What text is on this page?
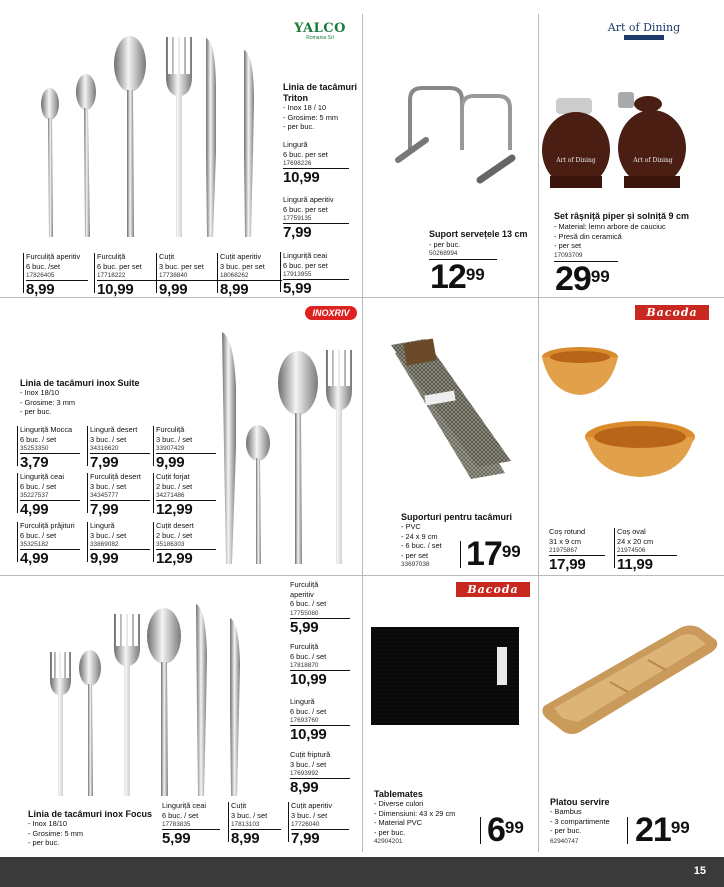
YALCO
Romania Srl
Linia de tacâmuri Triton
- Inox 18 / 10
- Grosime: 5 mm
- per buc.
Suport servețele 13 cm
- per buc.
50268994
$12^{99}$
Art of Dining
Art of Dining	Art of Dining
Set râșniță piper și solniță 9 cm
- Material: lemn arbore de cauciuc
- Presă din ceramică
- per set
17093709
$29^{99}$
INOXRIV
Linia de tacâmuri inox Suite
- Inox 18/10
- Grosime: 3 mm
- per buc.
Suporturi pentru tacâmuri
- PVC
- 24 x 9 cm
- 6 buc. / set
- per set
33697038 $17^{99}$
Bacoda
Linia de tacâmuri inox Focus
- Inox 18/10
- Grosime: 5 mm
- per buc.
Bacoda
Tablemates
- Diverse culori
- Dimensiuni: 43 x 29 cm
- Material PVC
- per buc.
42904201 $6^{99}$
Platou servire
- Bambus
- 3 compartimente
- per buc.
62940747 $21^{99}$
Lingură
6 buc. per set
17698226
10,99
Lingură aperitiv
6 buc. per set
17759135
7,99
Linguriță ceai
6 buc. per set
17913955
5,99
Furculiță aperitiv
6 buc. /set
17826405
8,99
Furculiță
6 buc. per set
17718222
10,99
Cuțit
3 buc. per set
17738840
9,99
Cuțit aperitiv
3 buc. per set
18068262
8,99
Linguriță Mocca
6 buc. / set
35253350
3,79
Lingură desert
3 buc. / set
34316620
7,99
Furculiță
3 buc. / set
33907429
9,99
Linguriță ceai
6 buc. / set
35227537
4,99
Furculiță desert
3 buc. / set
34345777
7,99
Cuțit forjat
2 buc. / set
34271486
12,99
Furculiță prăjituri
6 buc. / set
35325182
4,99
Lingură
3 buc. / set
33869082
9,99
Cuțit desert
2 buc. / set
35186303
12,99
Coș rotund
31 x 9 cm
21975867
17,99
Coș oval
24 x 20 cm
21974506
11,99
Furculiță
aperitiv
6 buc. / set
17755080
5,99
Furculiță
6 buc. / set
17818870
10,99
Lingură
6 buc. / set
17693760
10,99
Cuțit friptură
3 buc. / set
17693992
8,99
Linguriță ceai
6 buc. / set
17783835
5,99
Cuțit
3 buc. / set
17813103
8,99
Cuțit aperitiv
3 buc. / set
17726040
7,99
15
